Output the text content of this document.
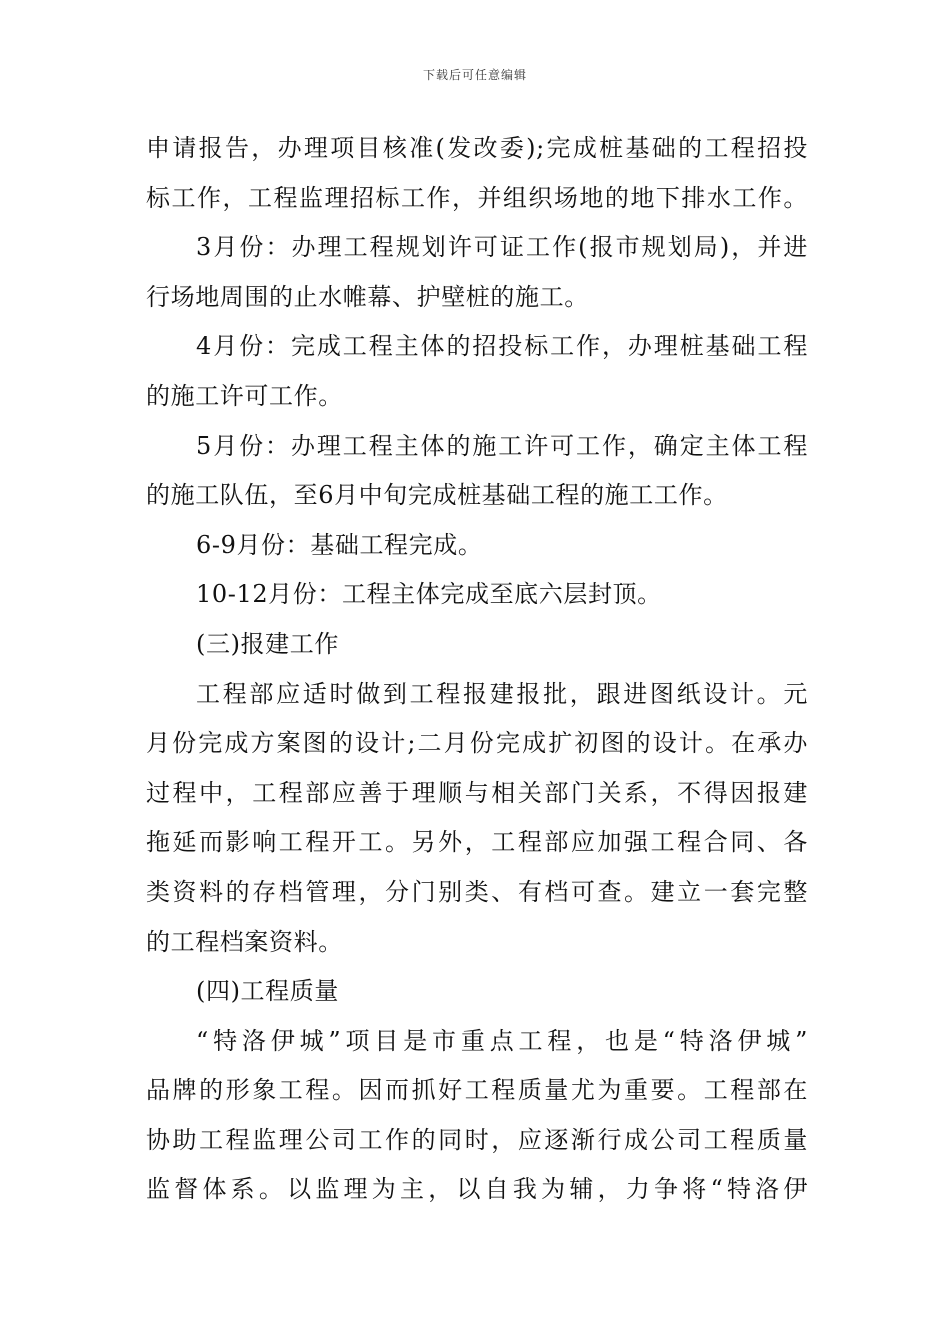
下载后可任意编辑
申请报告，办理项目核准(发改委);完成桩基础的工程招投
标工作，工程监理招标工作，并组织场地的地下排水工作。
3月份：办理工程规划许可证工作(报市规划局)，并进
行场地周围的止水帷幕、护壁桩的施工。
4月份：完成工程主体的招投标工作，办理桩基础工程
的施工许可工作。
5月份：办理工程主体的施工许可工作，确定主体工程
的施工队伍，至6月中旬完成桩基础工程的施工工作。
6-9月份：基础工程完成。
10-12月份：工程主体完成至底六层封顶。
(三)报建工作
工程部应适时做到工程报建报批，跟进图纸设计。元
月份完成方案图的设计;二月份完成扩初图的设计。在承办
过程中，工程部应善于理顺与相关部门关系，不得因报建
拖延而影响工程开工。另外，工程部应加强工程合同、各
类资料的存档管理，分门别类、有档可查。建立一套完整
的工程档案资料。
(四)工程质量
“特洛伊城”项目是市重点工程，也是“特洛伊城”
品牌的形象工程。因而抓好工程质量尤为重要。工程部在
协助工程监理公司工作的同时，应逐渐行成公司工程质量
监督体系。以监理为主，以自我为辅，力争将“特洛伊
